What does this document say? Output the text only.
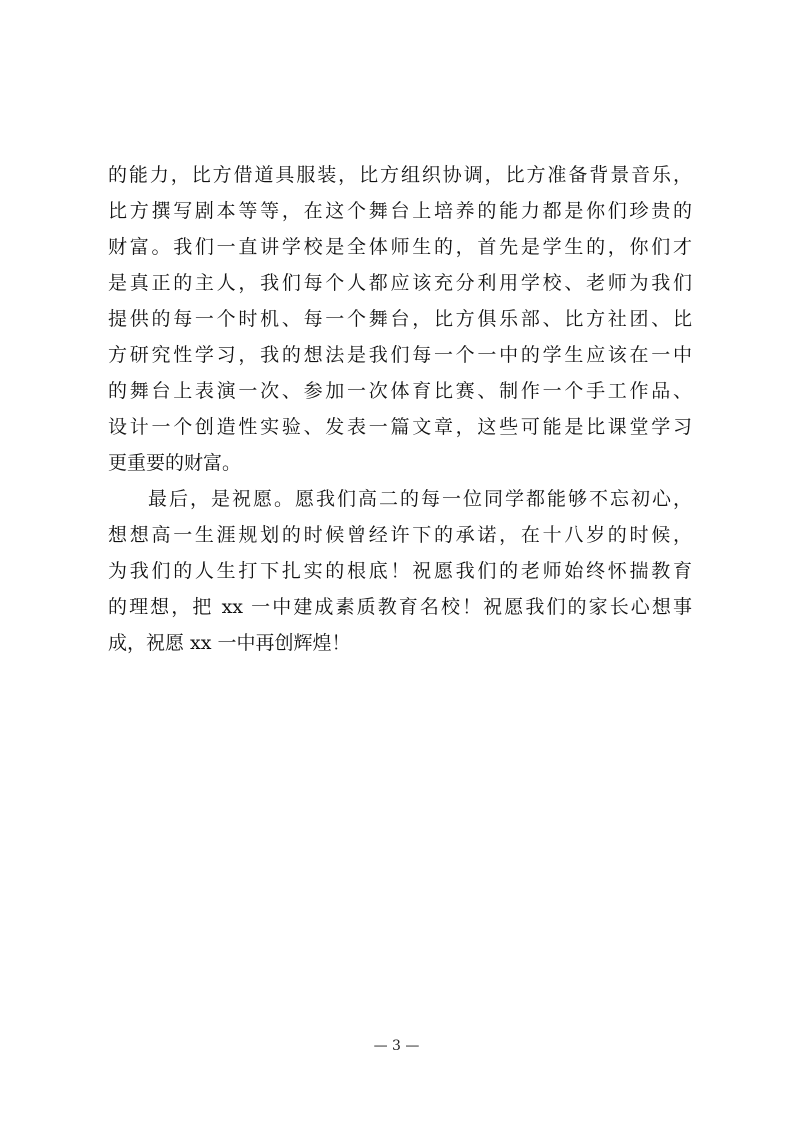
的能力，比方借道具服装，比方组织协调，比方准备背景音乐，
比方撰写剧本等等，在这个舞台上培养的能力都是你们珍贵的
财富。我们一直讲学校是全体师生的，首先是学生的，你们才
是真正的主人，我们每个人都应该充分利用学校、老师为我们
提供的每一个时机、每一个舞台，比方俱乐部、比方社团、比
方研究性学习，我的想法是我们每一个一中的学生应该在一中
的舞台上表演一次、参加一次体育比赛、制作一个手工作品、
设计一个创造性实验、发表一篇文章，这些可能是比课堂学习
更重要的财富。
最后，是祝愿。愿我们高二的每一位同学都能够不忘初心，
想想高一生涯规划的时候曾经许下的承诺，在十八岁的时候，
为我们的人生打下扎实的根底！祝愿我们的老师始终怀揣教育
的理想，把 xx 一中建成素质教育名校！祝愿我们的家长心想事
成，祝愿 xx 一中再创辉煌！
— 3 —
